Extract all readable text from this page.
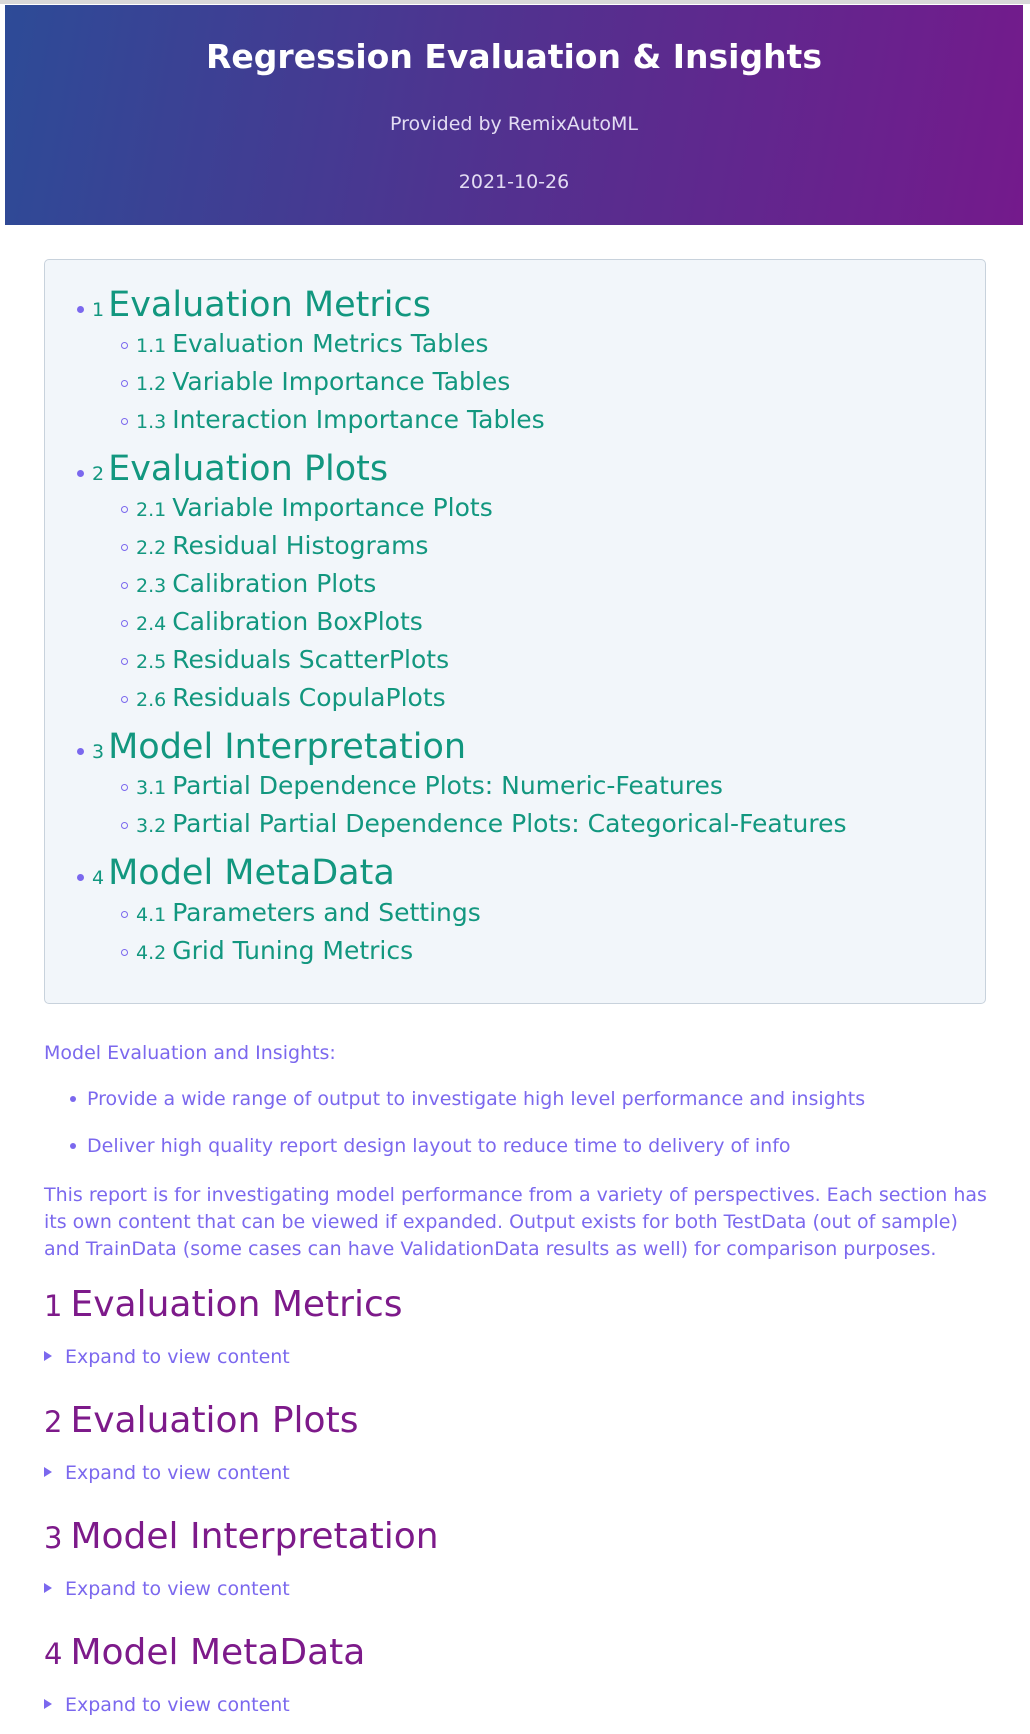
Regression Evaluation & Insights
Provided by RemixAutoML
2021-10-26
1 Evaluation Metrics
1.1 Evaluation Metrics Tables
1.2 Variable Importance Tables
1.3 Interaction Importance Tables
2 Evaluation Plots
2.1 Variable Importance Plots
2.2 Residual Histograms
2.3 Calibration Plots
2.4 Calibration BoxPlots
2.5 Residuals ScatterPlots
2.6 Residuals CopulaPlots
3 Model Interpretation
3.1 Partial Dependence Plots: Numeric-Features
3.2 Partial Partial Dependence Plots: Categorical-Features
4 Model MetaData
4.1 Parameters and Settings
4.2 Grid Tuning Metrics
Model Evaluation and Insights:
Provide a wide range of output to investigate high level performance and insights
Deliver high quality report design layout to reduce time to delivery of info

This report is for investigating model performance from a variety of perspectives. Each section has its own content that can be viewed if expanded. Output exists for both TestData (out of sample) and TrainData (some cases can have ValidationData results as well) for comparison purposes.

1 Evaluation Metrics
Expand to view content
2 Evaluation Plots
Expand to view content
3 Model Interpretation
Expand to view content
4 Model MetaData
Expand to view content
